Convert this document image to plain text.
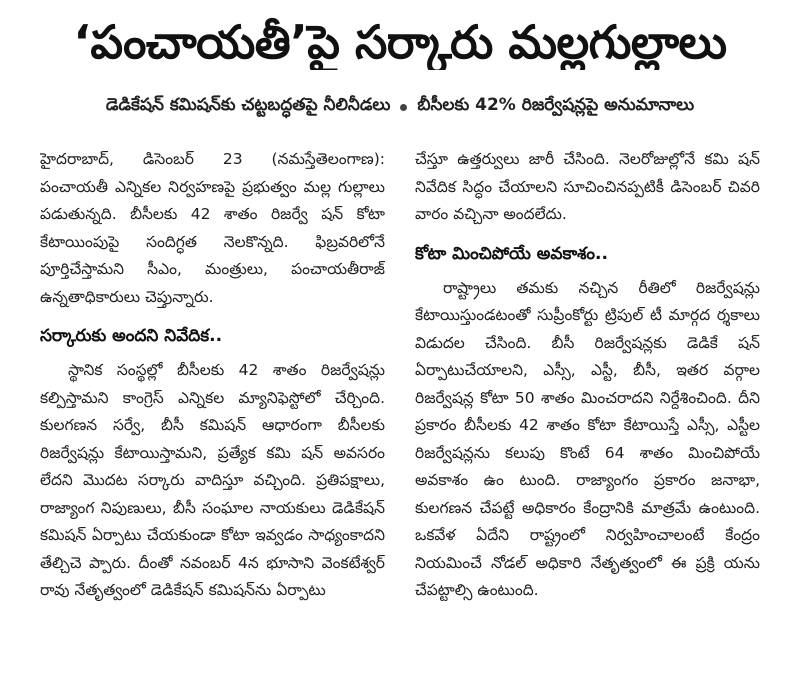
‘పంచాయతీ’పై సర్కారు మల్లగుల్లాలు
డెడికేషన్ కమిషన్‌కు చట్టబద్ధతపై నీలినీడలు బీసీలకు 42% రిజర్వేషన్లపై అనుమానాలు

హైదరాబాద్, డిసెంబర్ 23 (నమస్తేతెలంగాణ): పంచాయతీ ఎన్నికల నిర్వహణపై ప్రభుత్వం మల్ల గుల్లాలు పడుతున్నది. బీసీలకు 42 శాతం రిజర్వే షన్ కోటా కేటాయింపుపై సందిగ్ధత నెలకొన్నది. ఫిబ్రవరిలోనే పూర్తిచేస్తామని సీఎం, మంత్రులు, పంచాయతీరాజ్ ఉన్నతాధికారులు చెప్తున్నారు.

సర్కారుకు అందని నివేదిక..

స్థానిక సంస్థల్లో బీసీలకు 42 శాతం రిజర్వేషన్లు కల్పిస్తామని కాంగ్రెస్ ఎన్నికల మ్యానిఫెస్టోలో చేర్చింది. కులగణన సర్వే, బీసీ కమిషన్ ఆధారంగా బీసీలకు రిజర్వేషన్లు కేటాయిస్తామని, ప్రత్యేక కమి షన్ అవసరం లేదని మొదట సర్కారు వాదిస్తూ వచ్చింది. ప్రతిపక్షాలు, రాజ్యాంగ నిపుణులు, బీసీ సంఘాల నాయకులు డెడికేషన్ కమిషన్ ఏర్పాటు చేయకుండా కోటా ఇవ్వడం సాధ్యంకాదని తేల్చిచె ప్పారు. దీంతో నవంబర్ 4న భూసాని వెంకటేశ్వర్ రావు నేతృత్వంలో డెడికేషన్ కమిషన్‌ను ఏర్పాటు

చేస్తూ ఉత్తర్వులు జారీ చేసింది. నెలరోజుల్లోనే కమి షన్ నివేదిక సిద్ధం చేయాలని సూచించినప్పటికీ డిసెంబర్ చివరి వారం వచ్చినా అందలేదు.

కోటా మించిపోయే అవకాశం..

రాష్ట్రాలు తమకు నచ్చిన రీతిలో రిజర్వేషన్లు కేటాయిస్తుండటంతో సుప్రీంకోర్టు ట్రిపుల్ టీ మార్గద ర్శకాలు విడుదల చేసింది. బీసీ రిజర్వేషన్లకు డెడికే షన్ ఏర్పాటుచేయాలని, ఎస్సీ, ఎస్టీ, బీసీ, ఇతర వర్గాల రిజర్వేషన్ల కోటా 50 శాతం మించరాదని నిర్దేశించింది. దీని ప్రకారం బీసీలకు 42 శాతం కోటా కేటాయిస్తే ఎస్సీ, ఎస్టీల రిజర్వేషన్లను కలుపు కొంటే 64 శాతం మించిపోయే అవకాశం ఉం టుంది. రాజ్యాంగం ప్రకారం జనాభా, కులగణన చేపట్టే అధికారం కేంద్రానికి మాత్రమే ఉంటుంది. ఒకవేళ ఏదేని రాష్ట్రంలో నిర్వహించాలంటే కేంద్రం నియమించే నోడల్ అధికారి నేతృత్వంలో ఈ ప్రక్రి యను చేపట్టాల్సి ఉంటుంది.
